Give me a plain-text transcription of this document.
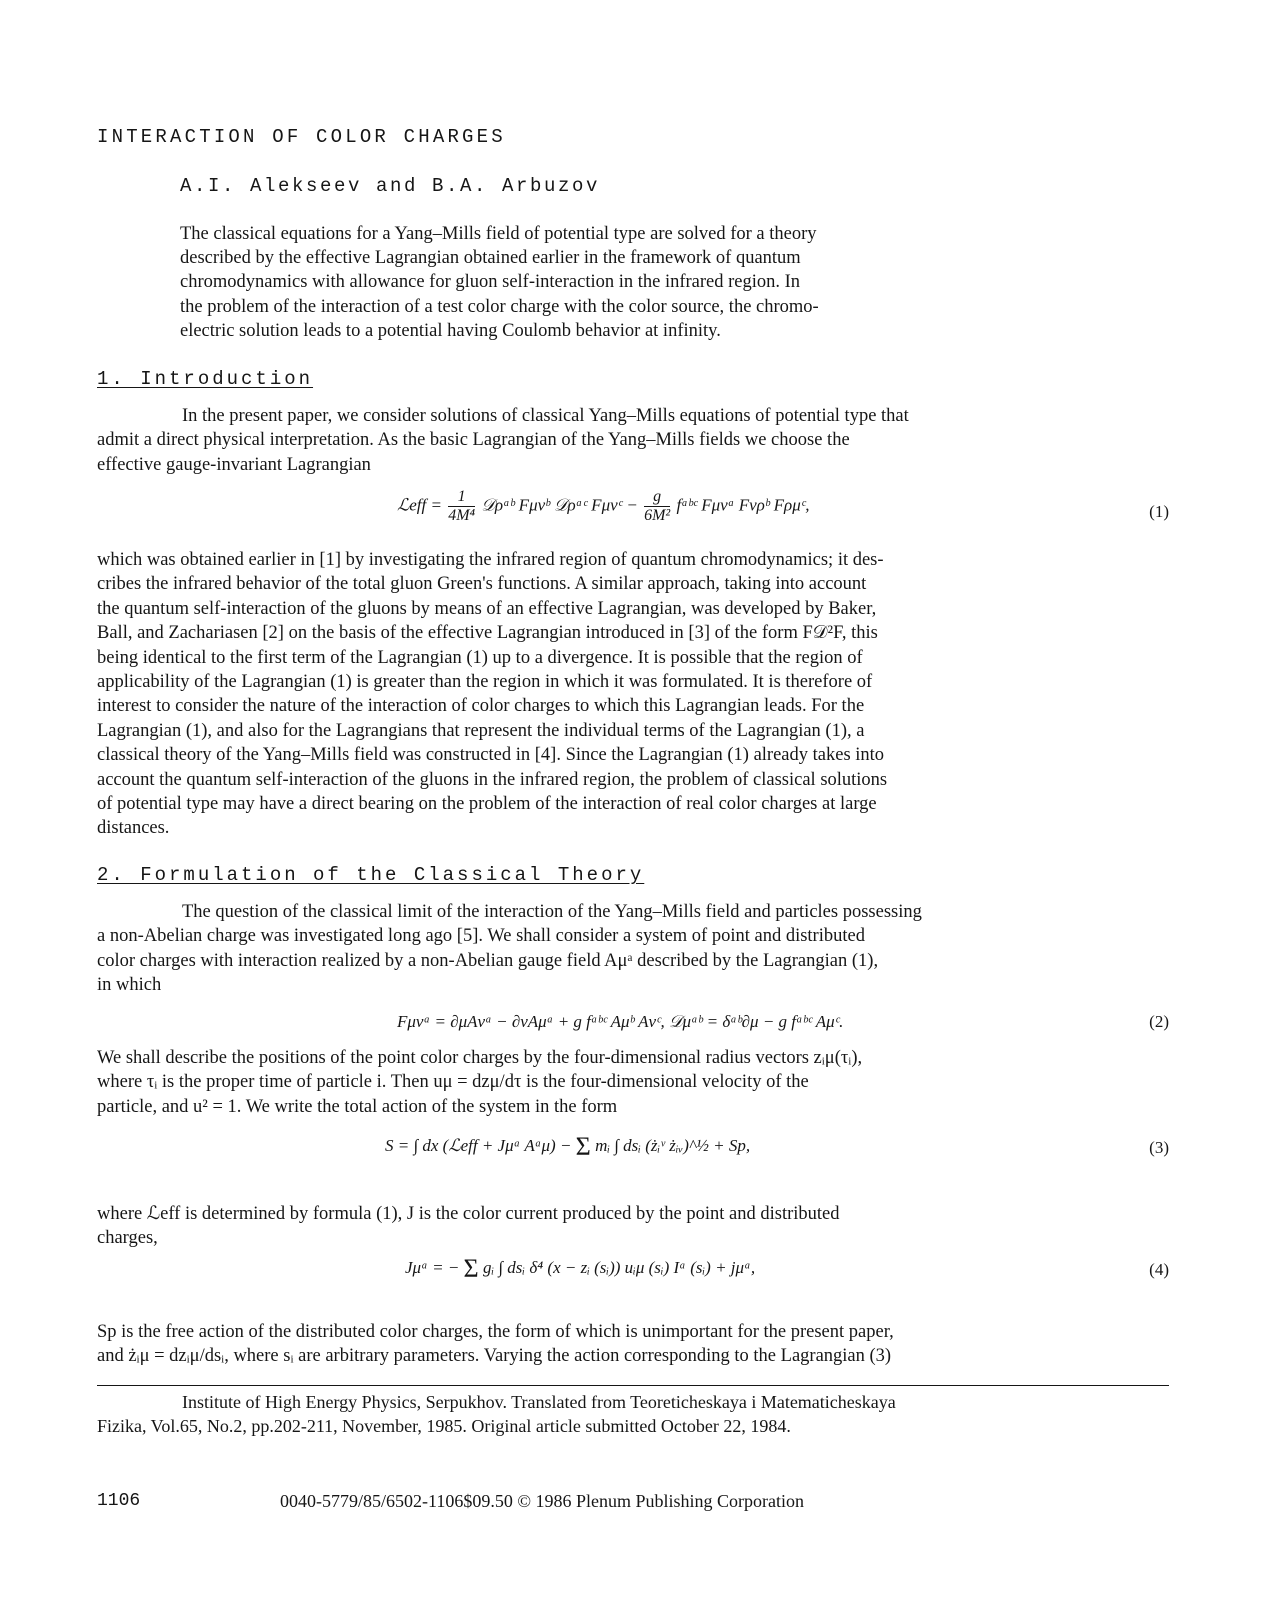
INTERACTION OF COLOR CHARGES
A.I. Alekseev and B.A. Arbuzov

The classical equations for a Yang–Mills field of potential type are solved for a theory

described by the effective Lagrangian obtained earlier in the framework of quantum

chromodynamics with allowance for gluon self-interaction in the infrared region. In

the problem of the interaction of a test color charge with the color source, the chromo-

electric solution leads to a potential having Coulomb behavior at infinity.

1. Introduction

In the present paper, we consider solutions of classical Yang–Mills equations of potential type that

admit a direct physical interpretation. As the basic Lagrangian of the Yang–Mills fields we choose the

effective gauge-invariant Lagrangian

ℒeff = $\frac{1}{\text{4M⁴}}$ 𝒟ρᵃᵇ Fμνᵇ 𝒟ρᵃᶜ Fμνᶜ − $\frac{g}{\text{6M²}}$ fᵃᵇᶜ Fμνᵃ Fνρᵇ Fρμᶜ,	(1)

which was obtained earlier in [1] by investigating the infrared region of quantum chromodynamics; it des-

cribes the infrared behavior of the total gluon Green's functions. A similar approach, taking into account

the quantum self-interaction of the gluons by means of an effective Lagrangian, was developed by Baker,

Ball, and Zachariasen [2] on the basis of the effective Lagrangian introduced in [3] of the form F𝒟²F, this

being identical to the first term of the Lagrangian (1) up to a divergence. It is possible that the region of

applicability of the Lagrangian (1) is greater than the region in which it was formulated. It is therefore of

interest to consider the nature of the interaction of color charges to which this Lagrangian leads. For the

Lagrangian (1), and also for the Lagrangians that represent the individual terms of the Lagrangian (1), a

classical theory of the Yang–Mills field was constructed in [4]. Since the Lagrangian (1) already takes into

account the quantum self-interaction of the gluons in the infrared region, the problem of classical solutions

of potential type may have a direct bearing on the problem of the interaction of real color charges at large

distances.

2. Formulation of the Classical Theory

The question of the classical limit of the interaction of the Yang–Mills field and particles possessing

a non-Abelian charge was investigated long ago [5]. We shall consider a system of point and distributed

color charges with interaction realized by a non-Abelian gauge field Aμᵃ described by the Lagrangian (1),

in which

Fμνᵃ = ∂μAνᵃ − ∂νAμᵃ + g fᵃᵇᶜ Aμᵇ Aνᶜ, 𝒟μᵃᵇ = δᵃᵇ∂μ − g fᵃᵇᶜ Aμᶜ.	(2)

We shall describe the positions of the point color charges by the four-dimensional radius vectors zᵢμ(τᵢ),

where τᵢ is the proper time of particle i. Then uμ = dzμ/dτ is the four-dimensional velocity of the

particle, and u² = 1. We write the total action of the system in the form

S = ∫ dx (ℒeff + Jμᵃ Aᵃμ) − Σ mᵢ ∫ dsᵢ (żᵢᵛ żᵢᵥ)^½ + Sp,	(3)

where ℒeff is determined by formula (1), J is the color current produced by the point and distributed

charges,

Jμᵃ = − Σ gᵢ ∫ dsᵢ δ⁴ (x − zᵢ (sᵢ)) uᵢμ (sᵢ) Iᵃ (sᵢ) + jμᵃ,	(4)

Sp is the free action of the distributed color charges, the form of which is unimportant for the present paper,

and żᵢμ = dzᵢμ/dsᵢ, where sᵢ are arbitrary parameters. Varying the action corresponding to the Lagrangian (3)

Institute of High Energy Physics, Serpukhov. Translated from Teoreticheskaya i Matematicheskaya

Fizika, Vol.65, No.2, pp.202-211, November, 1985. Original article submitted October 22, 1984.

1106	0040-5779/85/6502-1106$09.50 © 1986 Plenum Publishing Corporation
